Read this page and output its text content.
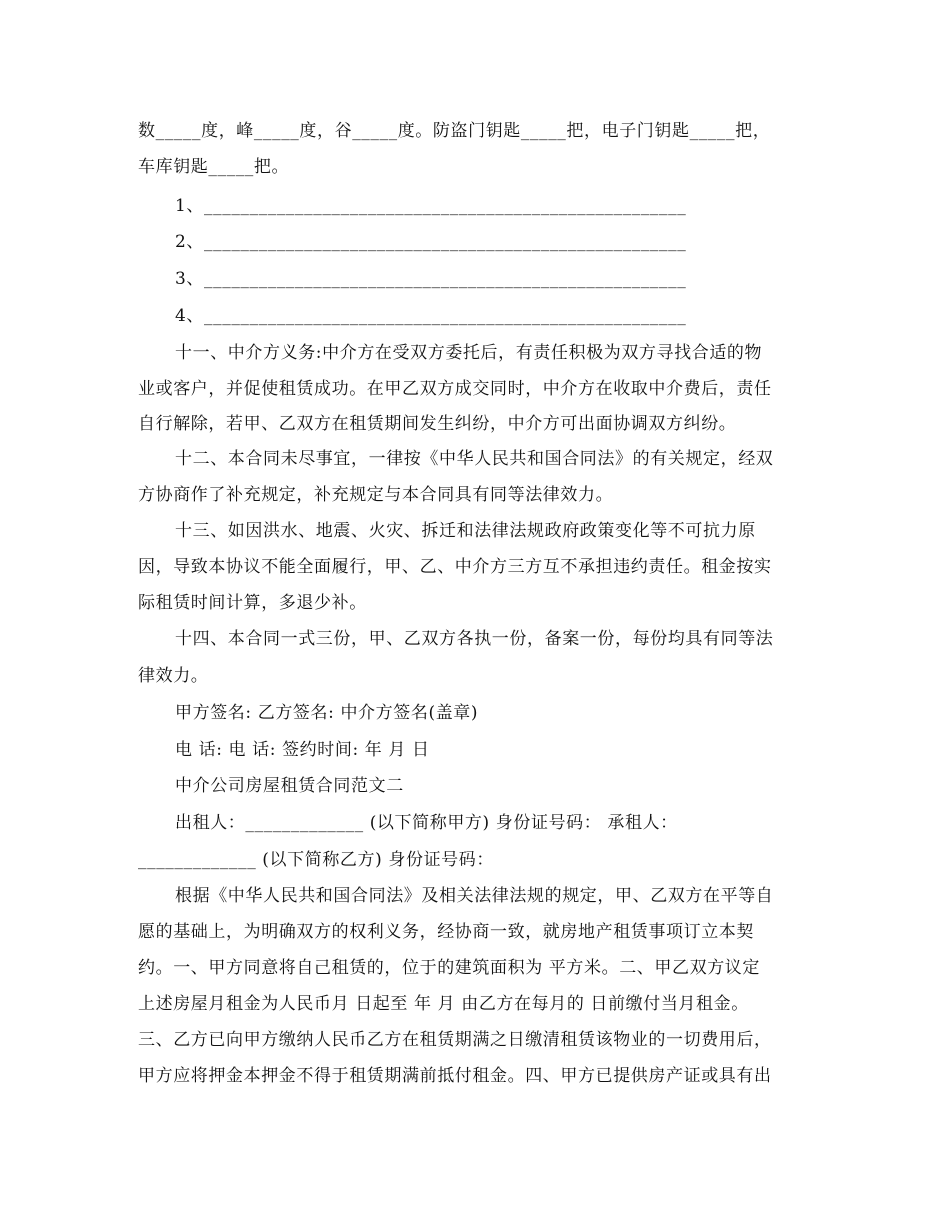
数_____度，峰_____度，谷_____度。防盗门钥匙_____把，电子门钥匙_____把，
车库钥匙_____把。
1、_____________________________________________________
2、_____________________________________________________
3、_____________________________________________________
4、_____________________________________________________
十一、中介方义务:中介方在受双方委托后，有责任积极为双方寻找合适的物
业或客户，并促使租赁成功。在甲乙双方成交同时，中介方在收取中介费后，责任
自行解除，若甲、乙双方在租赁期间发生纠纷，中介方可出面协调双方纠纷。
十二、本合同未尽事宜，一律按《中华人民共和国合同法》的有关规定，经双
方协商作了补充规定，补充规定与本合同具有同等法律效力。
十三、如因洪水、地震、火灾、拆迁和法律法规政府政策变化等不可抗力原
因，导致本协议不能全面履行，甲、乙、中介方三方互不承担违约责任。租金按实
际租赁时间计算，多退少补。
十四、本合同一式三份，甲、乙双方各执一份，备案一份，每份均具有同等法
律效力。
甲方签名: 乙方签名: 中介方签名(盖章)
电 话: 电 话: 签约时间: 年 月 日
中介公司房屋租赁合同范文二
出租人：_____________ (以下简称甲方) 身份证号码： 承租人：
_____________ (以下简称乙方) 身份证号码：
根据《中华人民共和国合同法》及相关法律法规的规定，甲、乙双方在平等自
愿的基础上，为明确双方的权利义务，经协商一致，就房地产租赁事项订立本契
约。一、甲方同意将自己租赁的，位于的建筑面积为 平方米。二、甲乙双方议定
上述房屋月租金为人民币月 日起至 年 月 由乙方在每月的 日前缴付当月租金。
三、乙方已向甲方缴纳人民币乙方在租赁期满之日缴清租赁该物业的一切费用后，
甲方应将押金本押金不得于租赁期满前抵付租金。四、甲方已提供房产证或具有出
